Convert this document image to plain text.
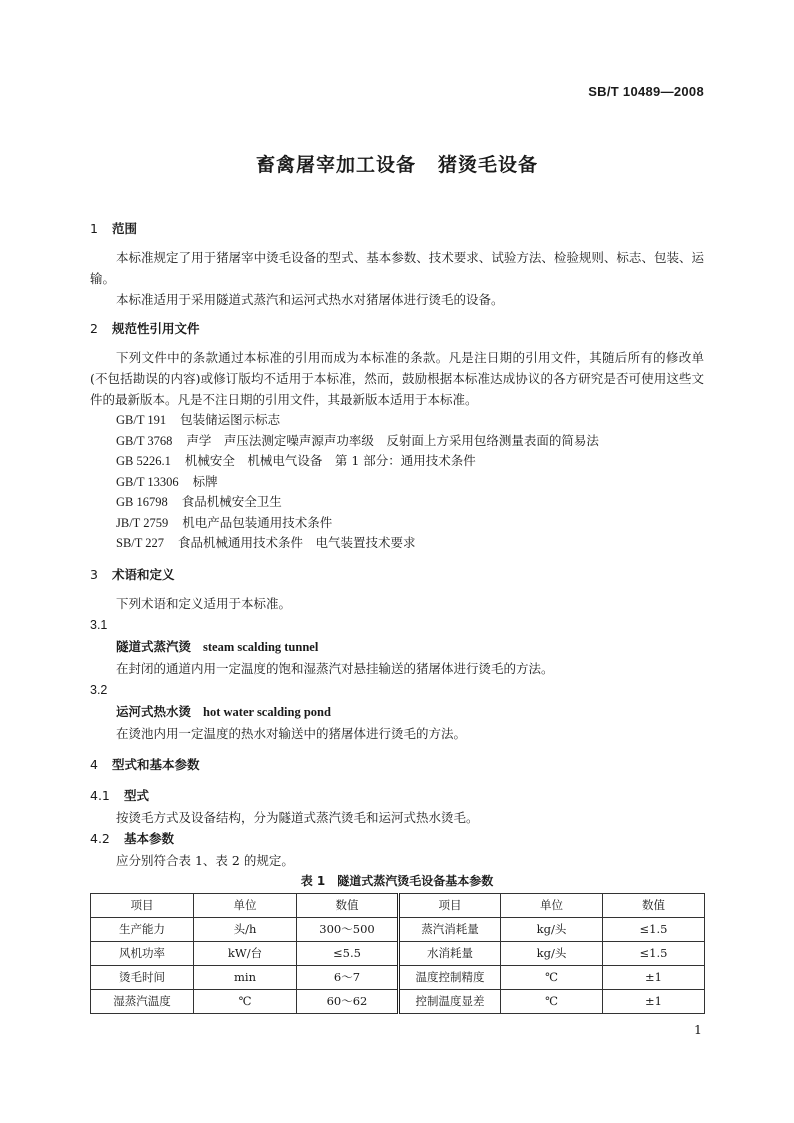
SB/T 10489—2008
畜禽屠宰加工设备 猪烫毛设备
1	范围

本标准规定了用于猪屠宰中烫毛设备的型式、基本参数、技术要求、试验方法、检验规则、标志、包装、运输。

本标准适用于采用隧道式蒸汽和运河式热水对猪屠体进行烫毛的设备。

2	规范性引用文件

下列文件中的条款通过本标准的引用而成为本标准的条款。凡是注日期的引用文件，其随后所有的修改单(不包括勘误的内容)或修订版均不适用于本标准，然而，鼓励根据本标准达成协议的各方研究是否可使用这些文件的最新版本。凡是不注日期的引用文件，其最新版本适用于本标准。

GB/T 191 包装储运图示标志

GB/T 3768 声学　声压法测定噪声源声功率级　反射面上方采用包络测量表面的简易法

GB 5226.1 机械安全　机械电气设备　第 1 部分：通用技术条件

GB/T 13306 标牌

GB 16798 食品机械安全卫生

JB/T 2759 机电产品包装通用技术条件

SB/T 227 食品机械通用技术条件　电气装置技术要求

3	术语和定义

下列术语和定义适用于本标准。

3.1

隧道式蒸汽烫 steam scalding tunnel

在封闭的通道内用一定温度的饱和湿蒸汽对悬挂输送的猪屠体进行烫毛的方法。

3.2

运河式热水烫 hot water scalding pond

在烫池内用一定温度的热水对输送中的猪屠体进行烫毛的方法。

4	型式和基本参数
4.1	型式

按烫毛方式及设备结构，分为隧道式蒸汽烫毛和运河式热水烫毛。

4.2	基本参数

应分别符合表 1、表 2 的规定。

表 1 隧道式蒸汽烫毛设备基本参数

项目	单位	数值	项目	单位	数值
生产能力	头/h	300～500	蒸汽消耗量	kg/头	≤1.5
风机功率	kW/台	≤5.5	水消耗量	kg/头	≤1.5
烫毛时间	min	6～7	温度控制精度	℃	±1
湿蒸汽温度	℃	60～62	控制温度显差	℃	±1
1
